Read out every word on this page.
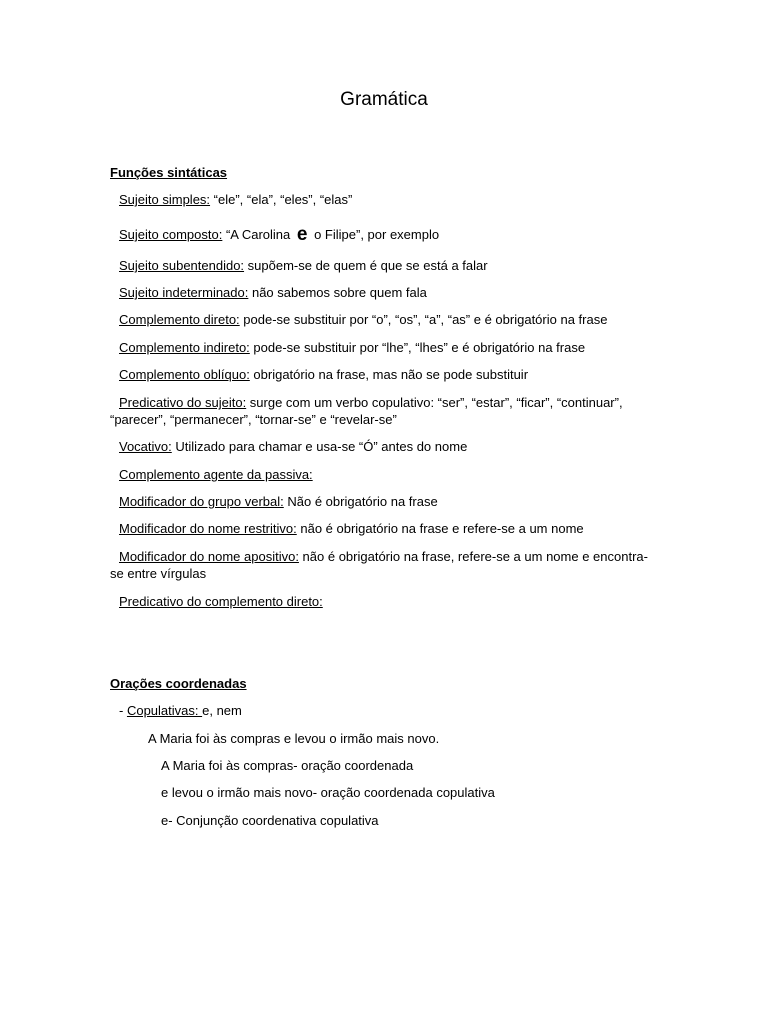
Gramática
Funções sintáticas
Sujeito simples: “ele”, “ela”, “eles”, “elas”
Sujeito composto: “A Carolina e o Filipe”, por exemplo
Sujeito subentendido: supõem-se de quem é que se está a falar
Sujeito indeterminado: não sabemos sobre quem fala
Complemento direto: pode-se substituir por “o”, “os”, “a”, “as” e é obrigatório na frase
Complemento indireto: pode-se substituir por “lhe”, “lhes” e é obrigatório na frase
Complemento oblíquo: obrigatório na frase, mas não se pode substituir
Predicativo do sujeito: surge com um verbo copulativo: “ser”, “estar”, “ficar”, “continuar”,
“parecer”, “permanecer”, “tornar-se” e “revelar-se”
Vocativo: Utilizado para chamar e usa-se “Ó” antes do nome
Complemento agente da passiva:
Modificador do grupo verbal: Não é obrigatório na frase
Modificador do nome restritivo: não é obrigatório na frase e refere-se a um nome
Modificador do nome apositivo: não é obrigatório na frase, refere-se a um nome e encontra-
se entre vírgulas
Predicativo do complemento direto:
Orações coordenadas
- Copulativas: e, nem
A Maria foi às compras e levou o irmão mais novo.
A Maria foi às compras- oração coordenada
e levou o irmão mais novo- oração coordenada copulativa
e- Conjunção coordenativa copulativa
